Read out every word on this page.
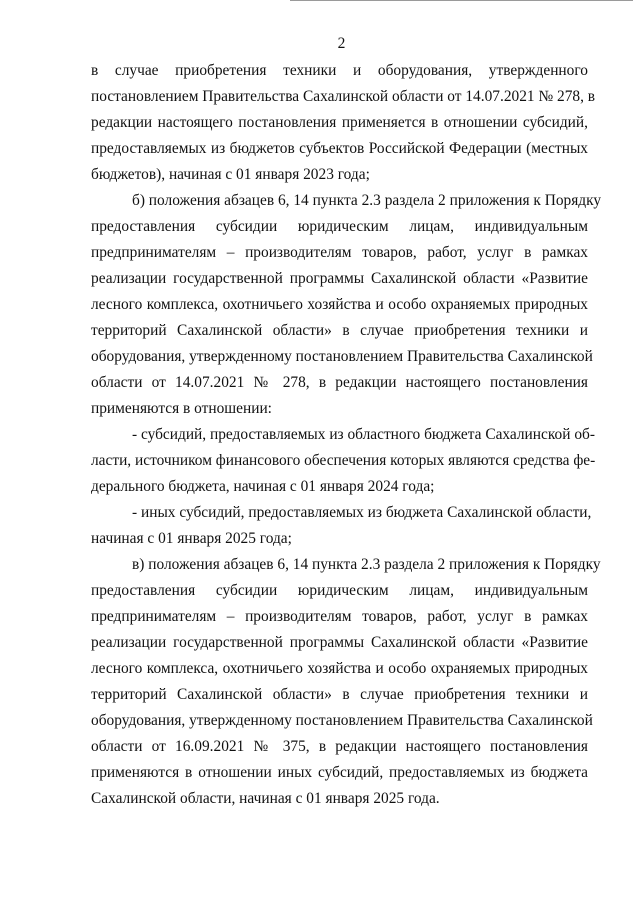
2
в случае приобретения техники и оборудования, утвержденного
постановлением Правительства Сахалинской области от 14.07.2021 № 278, в
редакции настоящего постановления применяется в отношении субсидий,
предоставляемых из бюджетов субъектов Российской Федерации (местных
бюджетов), начиная с 01 января 2023 года;
б) положения абзацев 6, 14 пункта 2.3 раздела 2 приложения к Порядку
предоставления субсидии юридическим лицам, индивидуальным
предпринимателям – производителям товаров, работ, услуг в рамках
реализации государственной программы Сахалинской области «Развитие
лесного комплекса, охотничьего хозяйства и особо охраняемых природных
территорий Сахалинской области» в случае приобретения техники и
оборудования, утвержденному постановлением Правительства Сахалинской
области от 14.07.2021 № 278, в редакции настоящего постановления
применяются в отношении:
- субсидий, предоставляемых из областного бюджета Сахалинской об-
ласти, источником финансового обеспечения которых являются средства фе-
дерального бюджета, начиная с 01 января 2024 года;
- иных субсидий, предоставляемых из бюджета Сахалинской области,
начиная с 01 января 2025 года;
в) положения абзацев 6, 14 пункта 2.3 раздела 2 приложения к Порядку
предоставления субсидии юридическим лицам, индивидуальным
предпринимателям – производителям товаров, работ, услуг в рамках
реализации государственной программы Сахалинской области «Развитие
лесного комплекса, охотничьего хозяйства и особо охраняемых природных
территорий Сахалинской области» в случае приобретения техники и
оборудования, утвержденному постановлением Правительства Сахалинской
области от 16.09.2021 № 375, в редакции настоящего постановления
применяются в отношении иных субсидий, предоставляемых из бюджета
Сахалинской области, начиная с 01 января 2025 года.
